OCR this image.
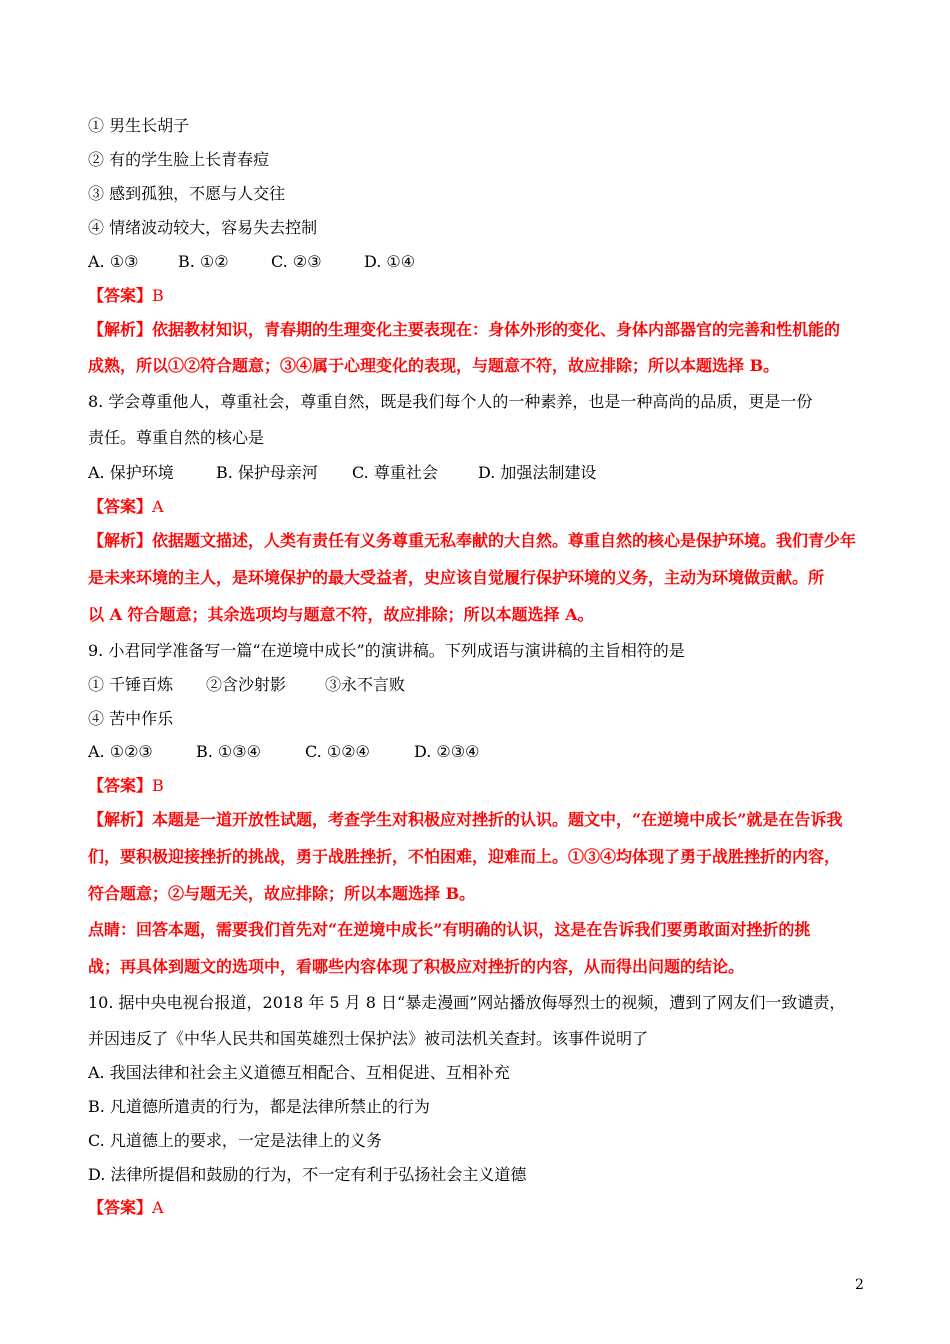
① 男生长胡子
② 有的学生脸上长青春痘
③ 感到孤独，不愿与人交往
④ 情绪波动较大，容易失去控制
A. ①③ B. ①②	C. ②③	D. ①④
【答案】B
【解析】依据教材知识，青春期的生理变化主要表现在：身体外形的变化、身体内部器官的完善和性机能的
成熟，所以①②符合题意；③④属于心理变化的表现，与题意不符，故应排除；所以本题选择 B。
8. 学会尊重他人，尊重社会，尊重自然，既是我们每个人的一种素养，也是一种高尚的品质，更是一份
责任。尊重自然的核心是
A. 保护环境	B. 保护母亲河 C. 尊重社会	D. 加强法制建设
【答案】A
【解析】依据题文描述，人类有责任有义务尊重无私奉献的大自然。尊重自然的核心是保护环境。我们青少年
是未来环境的主人，是环境保护的最大受益者，史应该自觉履行保护环境的义务，主动为环境做贡献。所
以 A 符合题意；其余选项均与题意不符，故应排除；所以本题选择 A。
9. 小君同学准备写一篇“在逆境中成长”的演讲稿。下列成语与演讲稿的主旨相符的是
① 千锤百炼 ②含沙射影 ③永不言败
④ 苦中作乐
A. ①②③	B. ①③④	C. ①②④	D. ②③④
【答案】B
【解析】本题是一道开放性试题，考查学生对积极应对挫折的认识。题文中，“在逆境中成长”就是在告诉我
们，要积极迎接挫折的挑战，勇于战胜挫折，不怕困难，迎难而上。①③④均体现了勇于战胜挫折的内容，
符合题意；②与题无关，故应排除；所以本题选择 B。
点睛：回答本题，需要我们首先对“在逆境中成长”有明确的认识，这是在告诉我们要勇敢面对挫折的挑
战；再具体到题文的选项中，看哪些内容体现了积极应对挫折的内容，从而得出问题的结论。
10. 据中央电视台报道，2018 年 5 月 8 日“暴走漫画”网站播放侮辱烈士的视频，遭到了网友们一致谴责，
并因违反了《中华人民共和国英雄烈士保护法》被司法机关查封。该事件说明了
A. 我国法律和社会主义道德互相配合、互相促进、互相补充
B. 凡道德所遣责的行为，都是法律所禁止的行为
C. 凡道德上的要求，一定是法律上的义务
D. 法律所提倡和鼓励的行为，不一定有利于弘扬社会主义道德
【答案】A
2
